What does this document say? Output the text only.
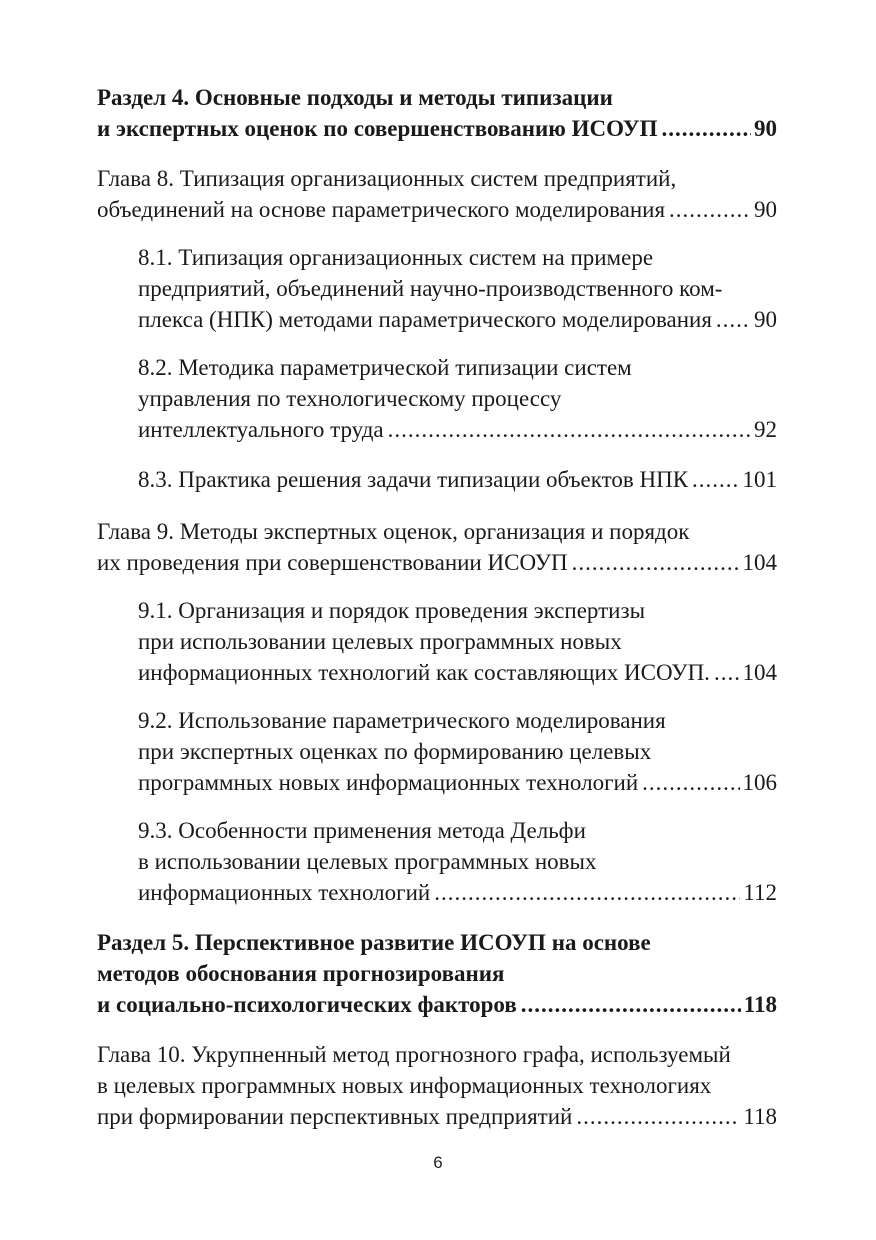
Раздел 4. Основные подходы и методы типизации
и экспертных оценок по совершенствованию ИСОУП .....	90
Глава 8. Типизация организационных систем предприятий,
объединений на основе параметрического моделирования .....	90
8.1. Типизация организационных систем на примере
предприятий, объединений научно-производственного ком-
плекса (НПК) методами параметрического моделирования ..... 90
8.2. Методика параметрической типизации систем
управления по технологическому процессу
интеллектуального труда .....	92
8.3. Практика решения задачи типизации объектов НПК ..... 101
Глава 9. Методы экспертных оценок, организация и порядок
их проведения при совершенствовании ИСОУП .....	104
9.1. Организация и порядок проведения экспертизы
при использовании целевых программных новых
информационных технологий как составляющих ИСОУП. ..... 104
9.2. Использование параметрического моделирования
при экспертных оценках по формированию целевых
программных новых информационных технологий .....	106
9.3. Особенности применения метода Дельфи
в использовании целевых программных новых
информационных технологий .....	112
Раздел 5. Перспективное развитие ИСОУП на основе
методов обоснования прогнозирования
и социально-психологических факторов .....	118
Глава 10. Укрупненный метод прогнозного графа, используемый
в целевых программных новых информационных технологиях
при формировании перспективных предприятий .....	118
6
